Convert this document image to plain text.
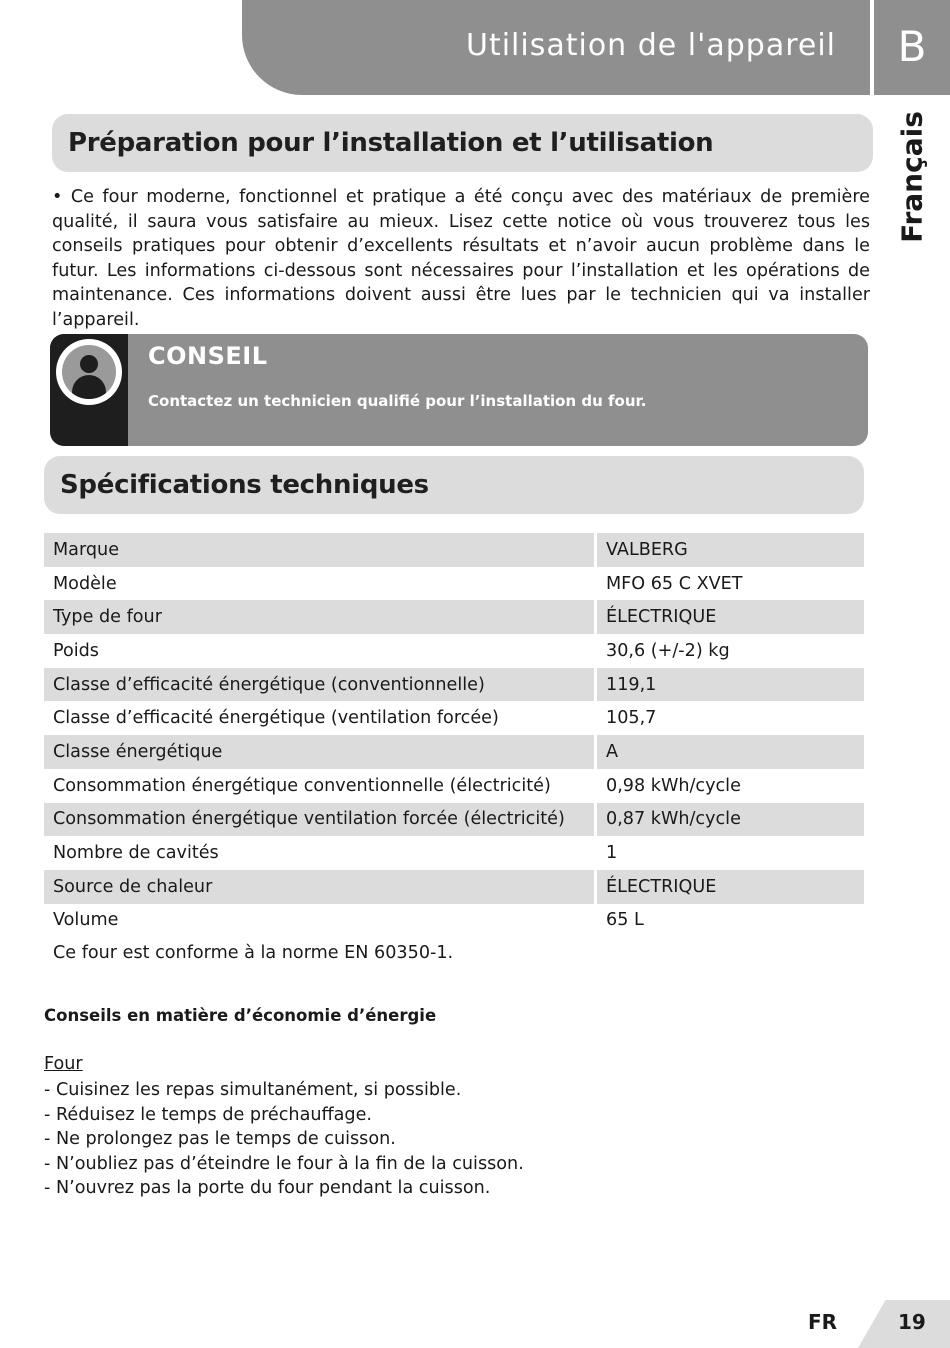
Utilisation de l'appareil	B
Français
Préparation pour l’installation et l’utilisation

• Ce four moderne, fonctionnel et pratique a été conçu avec des matériaux de première qualité, il saura vous satisfaire au mieux. Lisez cette notice où vous trouverez tous les conseils pratiques pour obtenir d’excellents résultats et n’avoir aucun problème dans le futur. Les informations ci-dessous sont nécessaires pour l’installation et les opérations de maintenance. Ces informations doivent aussi être lues par le technicien qui va installer l’appareil.

CONSEIL
Contactez un technicien qualifié pour l’installation du four.
Spécifications techniques
Marque	VALBERG
Modèle	MFO 65 C XVET
Type de four	ÉLECTRIQUE
Poids	30,6 (+/-2) kg
Classe d’efficacité énergétique (conventionnelle)	119,1
Classe d’efficacité énergétique (ventilation forcée)	105,7
Classe énergétique	A
Consommation énergétique conventionnelle (électricité)	0,98 kWh/cycle
Consommation énergétique ventilation forcée (électricité)	0,87 kWh/cycle
Nombre de cavités	1
Source de chaleur	ÉLECTRIQUE
Volume	65 L
Ce four est conforme à la norme EN 60350-1.
Conseils en matière d’économie d’énergie
Four
- Cuisinez les repas simultanément, si possible.
- Réduisez le temps de préchauffage.
- Ne prolongez pas le temps de cuisson.
- N’oubliez pas d’éteindre le four à la fin de la cuisson.
- N’ouvrez pas la porte du four pendant la cuisson.
FR	19
